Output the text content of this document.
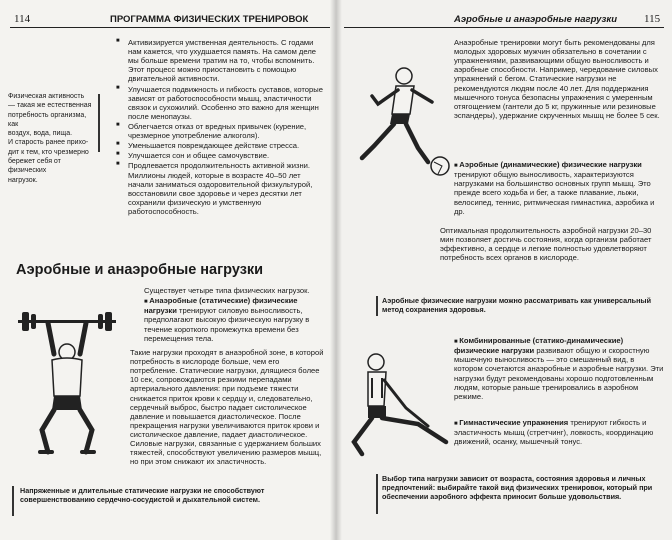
114	ПРОГРАММА ФИЗИЧЕСКИХ ТРЕНИРОВОК
Физическая активность
— такая же естественная
потребность организма, как
воздух, вода, пища.
И старость ранее прихо-
дит к тем, кто чрезмерно
бережет себя от физических
нагрузок.
■ Активизируется умственная деятельность. С годами нам кажется, что ухудшается память. На самом деле мы больше времени тратим на то, чтобы вспомнить. Этот процесс можно приостановить с помощью двигательной активности.
■ Улучшается подвижность и гибкость суставов, которые зависят от работоспособности мышц, эластичности связок и сухожилий. Особенно это важно для женщин после менопаузы.
■ Облегчается отказ от вредных привычек (курение, чрезмерное употребление алкоголя).
■ Уменьшается повреждающее действие стресса.
■ Улучшается сон и общее самочувствие.
■ Продлевается продолжительность активной жизни. Миллионы людей, которые в возрасте 40–50 лет начали заниматься оздоровительной физкультурой, восстановили свое здоровье и через десятки лет сохранили физическую и умственную работоспособность.
Аэробные и анаэробные нагрузки
Существует четыре типа физических нагрузок.
■ Анаэробные (статические) физические нагрузки тренируют силовую выносливость, предполагают высокую физическую нагрузку в течение короткого промежутка времени без перемещения тела.
Такие нагрузки проходят в анаэробной зоне, в которой потребность в кислороде больше, чем его потребление. Статические нагрузки, длящиеся более 10 сек, сопровождаются резкими перепадами артериального давления: при подъеме тяжести снижается приток крови к сердцу и, следовательно, сердечный выброс, быстро падает систолическое давление и повышается диастолическое. После прекращения нагрузки увеличиваются приток крови и систолическое давление, падает диастолическое. Силовые нагрузки, связанные с удержанием больших тяжестей, способствуют увеличению размеров мышц, но при этом снижают их эластичность.
Напряженные и длительные статические нагрузки не способствуют совершенствованию сердечно-сосудистой и дыхательной систем.
Аэробные и анаэробные нагрузки 115
Анаэробные тренировки могут быть рекомендованы для молодых здоровых мужчин обязательно в сочетании с упражнениями, развивающими общую выносливость и аэробные способности. Например, чередование силовых упражнений с бегом. Статические нагрузки не рекомендуются людям после 40 лет. Для поддержания мышечного тонуса безопасны упражнения с умеренным отягощением (гантели до 5 кг, пружинные или резиновые эспандеры), удержание скрученных мышц не более 5 сек.
■ Аэробные (динамические) физические нагрузки тренируют общую выносливость, характеризуются нагрузками на большинство основных групп мышц. Это прежде всего ходьба и бег, а также плавание, лыжи, велосипед, теннис, ритмическая гимнастика, аэробика и др.
Оптимальная продолжительность аэробной нагрузки 20–30 мин позволяет достичь состояния, когда организм работает эффективно, а сердце и легкие полностью удовлетворяют потребность всех органов в кислороде.
Аэробные физические нагрузки можно рассматривать как универсальный метод сохранения здоровья.
■ Комбинированные (статико-динамические) физические нагрузки развивают общую и скоростную мышечную выносливость — это смешанный вид, в котором сочетаются анаэробные и аэробные нагрузки. Эти нагрузки будут рекомендованы хорошо подготовленным людям, которые раньше тренировались в аэробном режиме.
■ Гимнастические упражнения тренируют гибкость и эластичность мышц (стретчинг), ловкость, координацию движений, осанку, мышечный тонус.
Выбор типа нагрузки зависит от возраста, состояния здоровья и личных предпочтений: выбирайте такой вид физических тренировок, который при обеспечении аэробного эффекта приносит больше удовольствия.
